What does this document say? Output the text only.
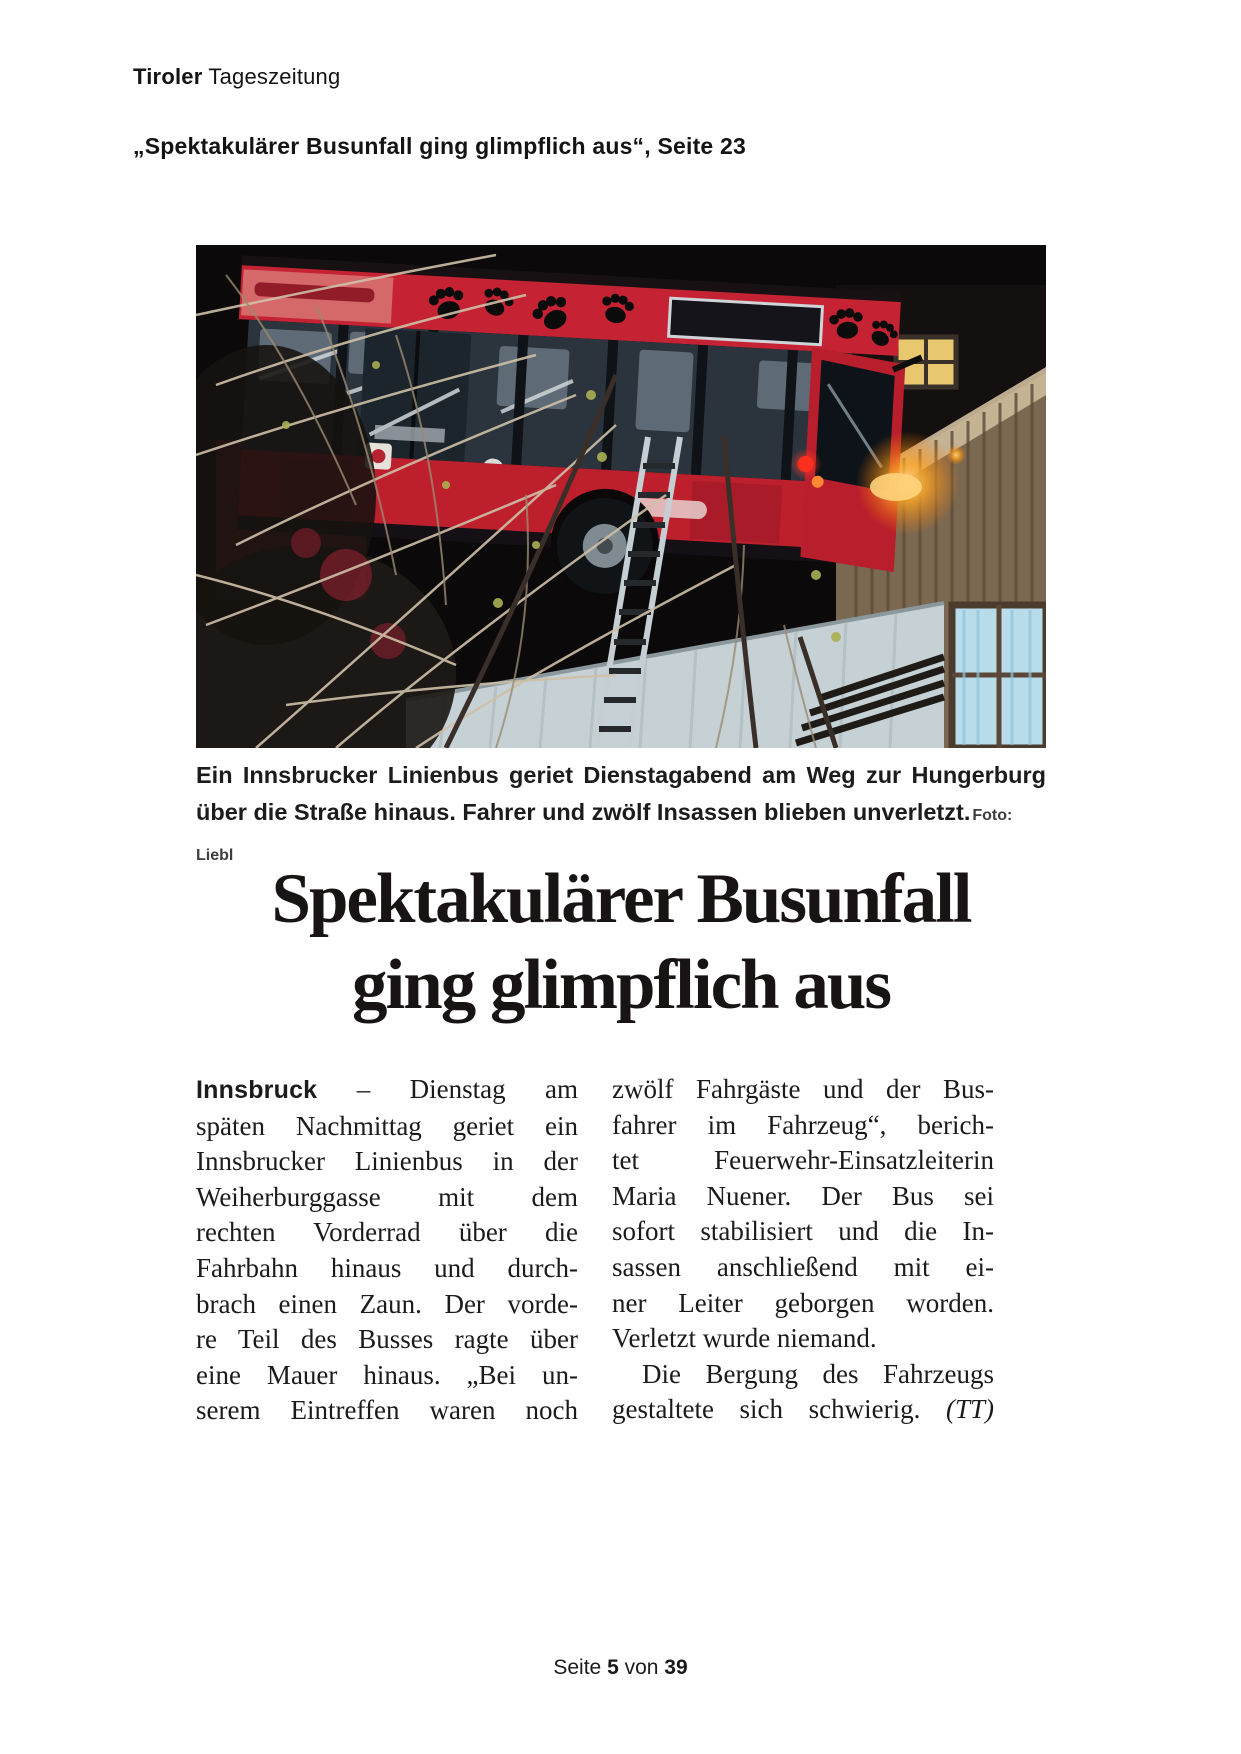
Tiroler Tageszeitung
„Spektakulärer Busunfall ging glimpflich aus“, Seite 23
Ein Innsbrucker Linienbus geriet Dienstagabend am Weg zur Hungerburg
über die Straße hinaus. Fahrer und zwölf Insassen blieben unverletzt. Foto: Liebl
Spektakulärer Busunfall
ging glimpflich aus
Innsbruck – Dienstag am
späten Nachmittag geriet ein
Innsbrucker Linienbus in der
Weiherburggasse mit dem
rechten Vorderrad über die
Fahrbahn hinaus und durch-
brach einen Zaun. Der vorde-
re Teil des Busses ragte über
eine Mauer hinaus. „Bei un-
serem Eintreffen waren noch
zwölf Fahrgäste und der Bus-
fahrer im Fahrzeug“, berich-
tet Feuerwehr-Einsatzleiterin
Maria Nuener. Der Bus sei
sofort stabilisiert und die In-
sassen anschließend mit ei-
ner Leiter geborgen worden.
Verletzt wurde niemand.
Die Bergung des Fahrzeugs
gestaltete sich schwierig. (TT)
Seite 5 von 39
